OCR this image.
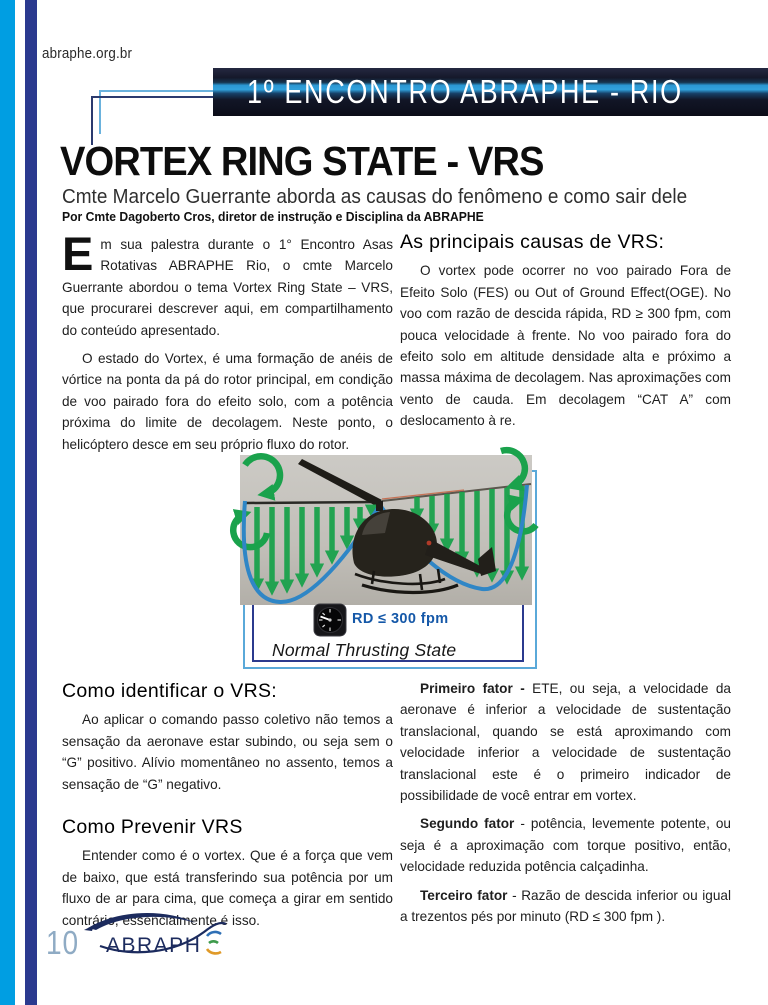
abraphe.org.br
1º ENCONTRO ABRAPHE - RIO
VORTEX RING STATE - VRS
Cmte Marcelo Guerrante aborda as causas do fenômeno e como sair dele
Por Cmte Dagoberto Cros, diretor de instrução e Disciplina da ABRAPHE

Em sua palestra durante o 1° Encontro Asas Rotativas ABRAPHE Rio, o cmte Marcelo Guerrante abordou o tema Vortex Ring State – VRS, que procurarei descrever aqui, em compartilhamento do conteúdo apresentado.

O estado do Vortex, é uma formação de anéis de vórtice na ponta da pá do rotor principal, em condição de voo pairado fora do efeito solo, com a potência próxima do limite de decolagem. Neste ponto, o helicóptero desce em seu próprio fluxo do rotor.

As principais causas de VRS:

O vortex pode ocorrer no voo pairado Fora de Efeito Solo (FES) ou Out of Ground Effect(OGE). No voo com razão de descida rápida, RD ≥ 300 fpm, com pouca velocidade à frente. No voo pairado fora do efeito solo em altitude densidade alta e próximo a massa máxima de decolagem. Nas aproximações com vento de cauda. Em decolagem “CAT A” com deslocamento à re.

RD ≤ 300 fpm
Normal Thrusting State

Como identificar o VRS:

Ao aplicar o comando passo coletivo não temos a sensação da aeronave estar subindo, ou seja sem o “G” positivo. Alívio momentâneo no assento, temos a sensação de “G” negativo.

Como Prevenir VRS

Entender como é o vortex. Que é a força que vem de baixo, que está transferindo sua potência por um fluxo de ar para cima, que começa a girar em sentido contrário, essencialmente é isso.

Primeiro fator - ETE, ou seja, a velocidade da aeronave é inferior a velocidade de sustentação translacional, quando se está aproximando com velocidade inferior a velocidade de sustentação translacional este é o primeiro indicador de possibilidade de você entrar em vortex.

Segundo fator - potência, levemente potente, ou seja é a aproximação com torque positivo, então, velocidade reduzida potência calçadinha.

Terceiro fator - Razão de descida inferior ou igual a trezentos pés por minuto (RD ≤ 300 fpm ).

10 ABRAPH
